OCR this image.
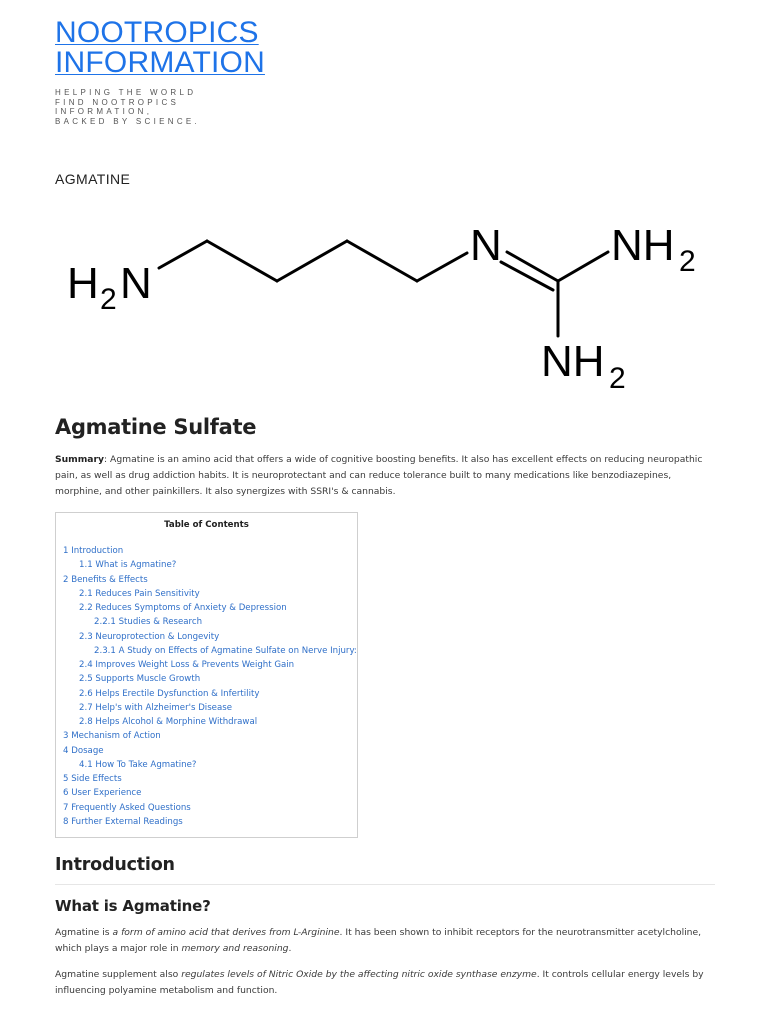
NOOTROPICS INFORMATION
HELPING THE WORLD FIND NOOTROPICS INFORMATION, BACKED BY SCIENCE.
AGMATINE
H 2 N
N NH 2
NH 2
Agmatine Sulfate

Summary: Agmatine is an amino acid that offers a wide of cognitive boosting benefits. It also has excellent effects on reducing neuropathic pain, as well as drug addiction habits. It is neuroprotectant and can reduce tolerance built to many medications like benzodiazepines, morphine, and other painkillers. It also synergizes with SSRI's & cannabis.

Table of Contents
1 Introduction
1.1 What is Agmatine?
2 Benefits & Effects
2.1 Reduces Pain Sensitivity
2.2 Reduces Symptoms of Anxiety & Depression
2.2.1 Studies & Research
2.3 Neuroprotection & Longevity
2.3.1 A Study on Effects of Agmatine Sulfate on Nerve Injury:
2.4 Improves Weight Loss & Prevents Weight Gain
2.5 Supports Muscle Growth
2.6 Helps Erectile Dysfunction & Infertility
2.7 Help's with Alzheimer's Disease
2.8 Helps Alcohol & Morphine Withdrawal
3 Mechanism of Action
4 Dosage
4.1 How To Take Agmatine?
5 Side Effects
6 User Experience
7 Frequently Asked Questions
8 Further External Readings
Introduction
What is Agmatine?

Agmatine is a form of amino acid that derives from L-Arginine. It has been shown to inhibit receptors for the neurotransmitter acetylcholine, which plays a major role in memory and reasoning.

Agmatine supplement also regulates levels of Nitric Oxide by the affecting nitric oxide synthase enzyme. It controls cellular energy levels by influencing polyamine metabolism and function.
